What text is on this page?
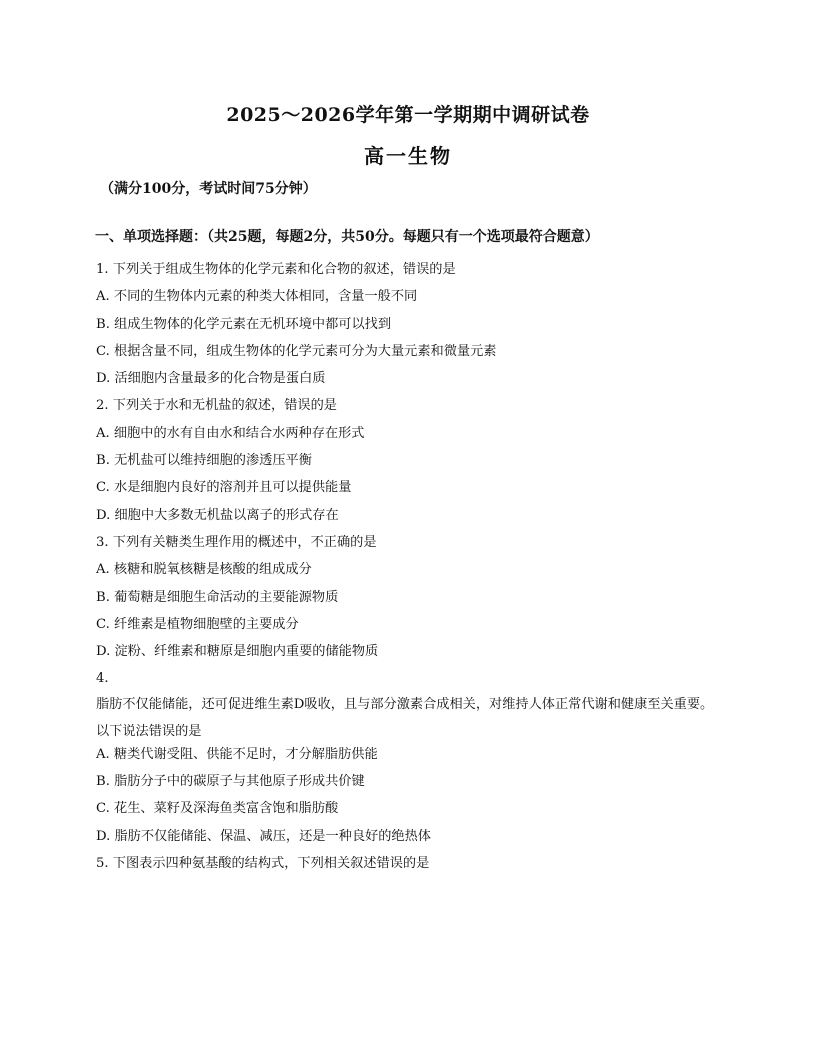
2025～2026学年第一学期期中调研试卷
高一生物
（满分100分，考试时间75分钟）
一、单项选择题：（共25题，每题2分，共50分。每题只有一个选项最符合题意）
1. 下列关于组成生物体的化学元素和化合物的叙述，错误的是
A. 不同的生物体内元素的种类大体相同，含量一般不同
B. 组成生物体的化学元素在无机环境中都可以找到
C. 根据含量不同，组成生物体的化学元素可分为大量元素和微量元素
D. 活细胞内含量最多的化合物是蛋白质
2. 下列关于水和无机盐的叙述，错误的是
A. 细胞中的水有自由水和结合水两种存在形式
B. 无机盐可以维持细胞的渗透压平衡
C. 水是细胞内良好的溶剂并且可以提供能量
D. 细胞中大多数无机盐以离子的形式存在
3. 下列有关糖类生理作用的概述中，不正确的是
A. 核糖和脱氧核糖是核酸的组成成分
B. 葡萄糖是细胞生命活动的主要能源物质
C. 纤维素是植物细胞壁的主要成分
D. 淀粉、纤维素和糖原是细胞内重要的储能物质
4.
脂肪不仅能储能，还可促进维生素D吸收，且与部分激素合成相关，对维持人体正常代谢和健康至关重要。以下说法错误的是
A. 糖类代谢受阻、供能不足时，才分解脂肪供能
B. 脂肪分子中的碳原子与其他原子形成共价键
C. 花生、菜籽及深海鱼类富含饱和脂肪酸
D. 脂肪不仅能储能、保温、减压，还是一种良好的绝热体
5. 下图表示四种氨基酸的结构式，下列相关叙述错误的是
